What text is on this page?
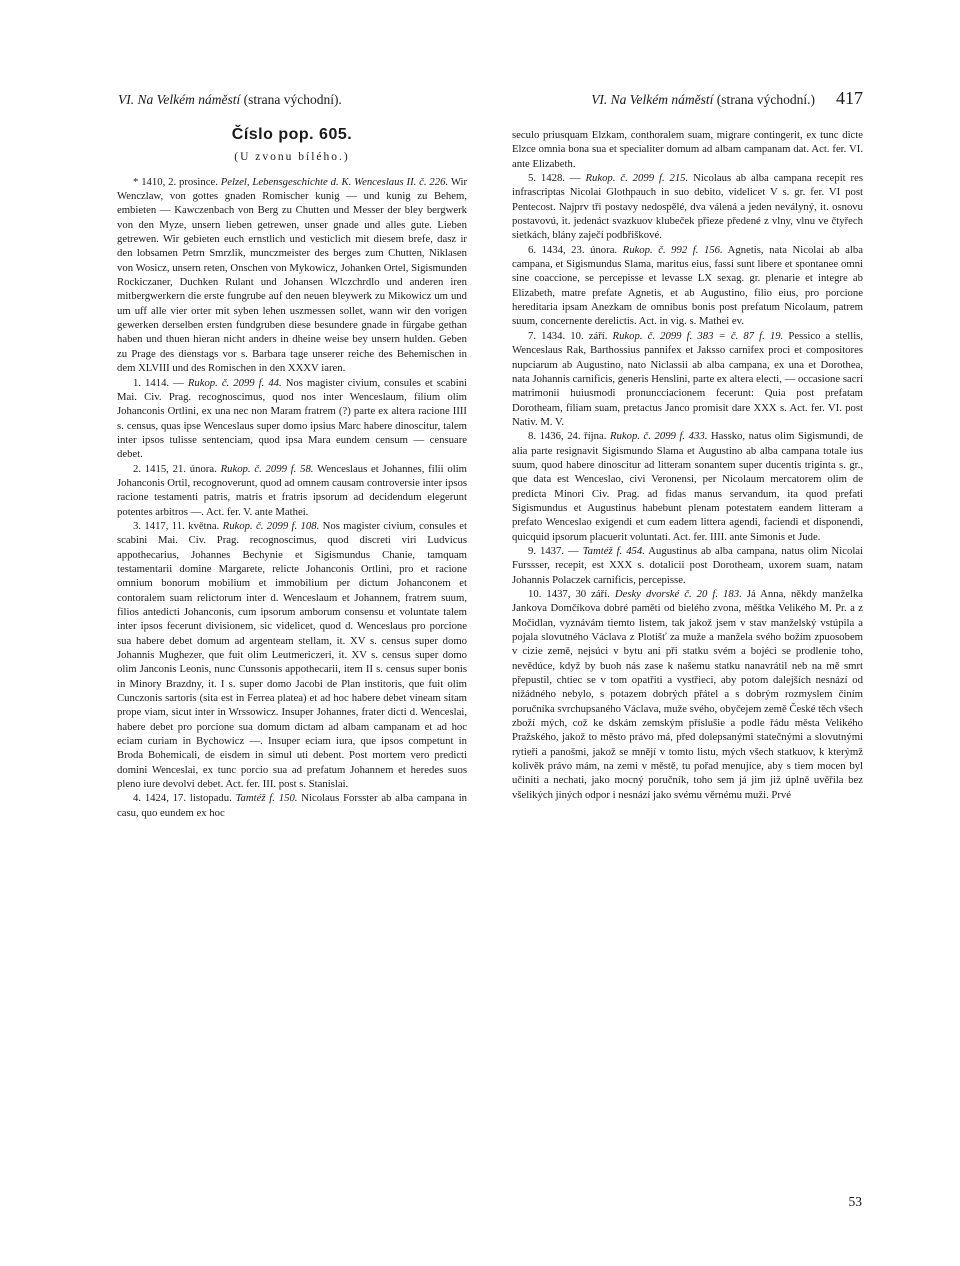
VI. Na Velkém náměstí (strana východní).	VI. Na Velkém náměstí (strana východní.) 417
Číslo pop. 605.
(U zvonu bílého.)

* 1410, 2. prosince. Pelzel, Lebensgeschichte d. K. Wenceslaus II. č. 226. Wir Wenczlaw, von gottes gnaden Romischer kunig — und kunig zu Behem, embieten — Kawczenbach von Berg zu Chutten und Messer der bley bergwerk von den Myze, unsern lieben getrewen, unser gnade und alles gute. Lieben getrewen. Wir gebieten euch ernstlich und vesticlich mit diesem brefe, dasz ir den lobsamen Petrn Smrzlik, munczmeister des berges zum Chutten, Niklasen von Wosicz, unsern reten, Onschen von Mykowicz, Johanken Ortel, Sigismunden Rockiczaner, Duchken Rulant und Johansen Wlczchrdlo und anderen iren mitbergwerkern die erste fungrube auf den neuen bleywerk zu Mikowicz um und um uff alle vier orter mit syben lehen uszmessen sollet, wann wir den vorigen gewerken derselben ersten fundgruben diese besundere gnade in fürgabe gethan haben und thuen hieran nicht anders in dheine weise bey unsern hulden. Geben zu Prage des dienstags vor s. Barbara tage unserer reiche des Behemischen in dem XLVIII und des Romischen in den XXXV iaren.

1. 1414. — Rukop. č. 2099 f. 44. Nos magister civium, consules et scabini Mai. Civ. Prag. recognoscimus, quod nos inter Wenceslaum, filium olim Johanconis Ortlini, ex una nec non Maram fratrem (?) parte ex altera racione IIII s. census, quas ipse Wenceslaus super domo ipsius Marc habere dinoscitur, talem inter ipsos tulisse sentenciam, quod ipsa Mara eundem censum — censuare debet.

2. 1415, 21. února. Rukop. č. 2099 f. 58. Wenceslaus et Johannes, filii olim Johanconis Ortil, recognoverunt, quod ad omnem causam controversie inter ipsos racione testamenti patris, matris et fratris ipsorum ad decidendum elegerunt potentes arbitros —. Act. fer. V. ante Mathei.

3. 1417, 11. května. Rukop. č. 2099 f. 108. Nos magister civium, consules et scabini Mai. Civ. Prag. recognoscimus, quod discreti viri Ludvicus appothecarius, Johannes Bechynie et Sigismundus Chanie, tamquam testamentarii domine Margarete, relicte Johanconis Ortlini, pro et racione omnium bonorum mobilium et immobilium per dictum Johanconem et contoralem suam relictorum inter d. Wenceslaum et Johannem, fratrem suum, filios antedicti Johanconis, cum ipsorum amborum consensu et voluntate talem inter ipsos fecerunt divisionem, sic videlicet, quod d. Wenceslaus pro porcione sua habere debet domum ad argenteam stellam, it. XV s. census super domo Johannis Mughezer, que fuit olim Leutmericzeri, it. XV s. census super domo olim Janconis Leonis, nunc Cunssonis appothecarii, item II s. census super bonis in Minory Brazdny, it. I s. super domo Jacobi de Plan institoris, que fuit olim Cunczonis sartoris (sita est in Ferrea platea) et ad hoc habere debet vineam sitam prope viam, sicut inter in Wrssowicz. Insuper Johannes, frater dicti d. Wenceslai, habere debet pro porcione sua domum dictam ad albam campanam et ad hoc eciam curiam in Bychowicz —. Insuper eciam iura, que ipsos competunt in Broda Bohemicali, de eisdem in simul uti debent. Post mortem vero predicti domini Wenceslai, ex tunc porcio sua ad prefatum Johannem et heredes suos pleno iure devolvi debet. Act. fer. III. post s. Stanislai.

4. 1424, 17. listopadu. Tamtéž f. 150. Nicolaus Forsster ab alba campana in casu, quo eundem ex hoc

seculo priusquam Elzkam, conthoralem suam, migrare contingerit, ex tunc dicte Elzce omnia bona sua et specialiter domum ad albam campanam dat. Act. fer. VI. ante Elizabeth.

5. 1428. — Rukop. č. 2099 f. 215. Nicolaus ab alba campana recepit res infrascriptas Nicolai Glothpauch in suo debito, videlicet V s. gr. fer. VI post Pentecost. Najprv tři postavy nedospělé, dva válená a jeden nevályný, it. osnovu postavovú, it. jedenáct svazkuov klubeček přieze předené z vlny, vlnu ve čtyřech sietkách, blány zaječí podbřiškové.

6. 1434, 23. února. Rukop. č. 992 f. 156. Agnetis, nata Nicolai ab alba campana, et Sigismundus Slama, maritus eius, fassi sunt libere et spontanee omni sine coaccione, se percepisse et levasse LX sexag. gr. plenarie et integre ab Elizabeth, matre prefate Agnetis, et ab Augustino, filio eius, pro porcione hereditaria ipsam Anezkam de omnibus bonis post prefatum Nicolaum, patrem suum, concernente derelictis. Act. in vig. s. Mathei ev.

7. 1434. 10. září. Rukop. č. 2099 f. 383 = č. 87 f. 19. Pessico a stellis, Wenceslaus Rak, Barthossius pannifex et Jaksso carnifex proci et compositores nupciarum ab Augustino, nato Niclassii ab alba campana, ex una et Dorothea, nata Johannis carnificis, generis Henslini, parte ex altera electi, — occasione sacri matrimonii huiusmodi pronuncciacionem fecerunt: Quia post prefatam Dorotheam, filiam suam, pretactus Janco promisit dare XXX s. Act. fer. VI. post Nativ. M. V.

8. 1436, 24. října. Rukop. č. 2099 f. 433. Hassko, natus olim Sigismundi, de alia parte resignavit Sigismundo Slama et Augustino ab alba campana totale ius suum, quod habere dinoscitur ad litteram sonantem super ducentis triginta s. gr., que data est Wenceslao, civi Veronensi, per Nicolaum mercatorem olim de predicta Minori Civ. Prag. ad fidas manus servandum, ita quod prefati Sigismundus et Augustinus habebunt plenam potestatem eandem litteram a prefato Wenceslao exigendi et cum eadem littera agendi, faciendi et disponendi, quicquid ipsorum placuerit voluntati. Act. fer. IIII. ante Simonis et Jude.

9. 1437. — Tamtéž f. 454. Augustinus ab alba campana, natus olim Nicolai Furssser, recepit, est XXX s. dotalicii post Dorotheam, uxorem suam, natam Johannis Polaczek carnificis, percepisse.

10. 1437, 30 září. Desky dvorské č. 20 f. 183. Já Anna, někdy manželka Jankova Domčíkova dobré paměti od bielého zvona, měštka Velikého M. Pr. a z Močidlan, vyznávám tiemto listem, tak jakož jsem v stav manželský vstúpila a pojala slovutného Václava z Plotišť za muže a manžela svého božím zpuosobem v cizie země, nejsúci v bytu ani při statku svém a bojéci se prodlenie toho, nevědúce, když by buoh nás zase k našemu statku nanavrátil neb na mě smrt přepustil, chtiec se v tom opatřiti a vystřieci, aby potom dalejších nesnází od nižádného nebylo, s potazem dobrých přátel a s dobrým rozmyslem činím poručníka svrchupsaného Václava, muže svého, obyčejem země České těch všech zboží mých, což ke dskám zemským příslušie a podle řádu města Velikého Pražského, jakož to město právo má, před dolepsanými statečnými a slovutnými rytieři a panošmi, jakož se mnějí v tomto listu, mých všech statkuov, k kterýmž kolivěk právo mám, na zemi v městě, tu pořad menujíce, aby s tiem mocen byl učiniti a nechati, jako mocný poručník, toho sem já jim již úplně uvěřila bez všelikých jiných odpor i nesnází jako svému věrnému muži. Prvé

53
